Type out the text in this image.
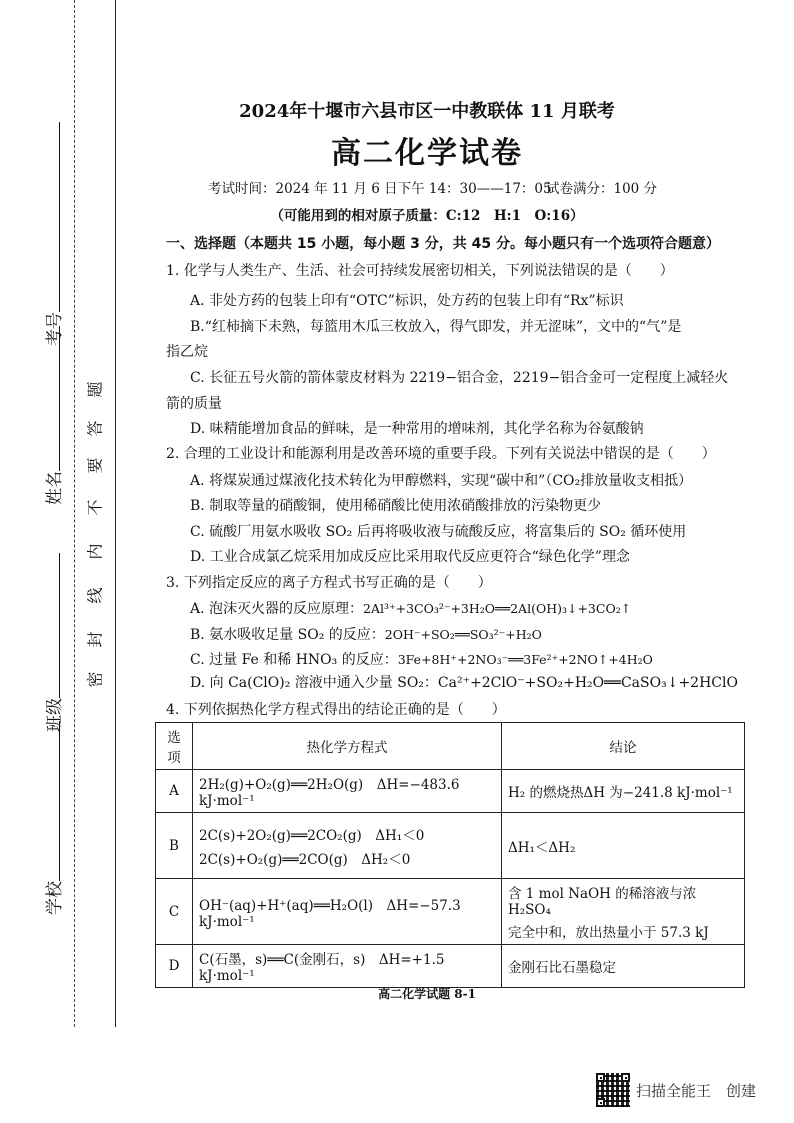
学校
班级
姓名
考号
密
封
线
内
不
要
答
题
2024年十堰市六县市区一中教联体 11 月联考
高二化学试卷
考试时间：2024 年 11 月 6 日下午 14：30——17：05
试卷满分：100 分
（可能用到的相对原子质量：C:12　H:1　O:16）
一、选择题（本题共 15 小题，每小题 3 分，共 45 分。每小题只有一个选项符合题意）
1. 化学与人类生产、生活、社会可持续发展密切相关，下列说法错误的是（　　）
A. 非处方药的包装上印有“OTC”标识，处方药的包装上印有“Rx”标识
B.“红柿摘下未熟，每篮用木瓜三枚放入，得气即发，并无涩味”，文中的“气”是
指乙烷
C. 长征五号火箭的箭体蒙皮材料为 2219−铝合金，2219−铝合金可一定程度上减轻火
箭的质量
D. 味精能增加食品的鲜味，是一种常用的增味剂，其化学名称为谷氨酸钠
2. 合理的工业设计和能源利用是改善环境的重要手段。下列有关说法中错误的是（　　）
A. 将煤炭通过煤液化技术转化为甲醇燃料，实现“碳中和”（CO₂排放量收支相抵）
B. 制取等量的硝酸铜，使用稀硝酸比使用浓硝酸排放的污染物更少
C. 硫酸厂用氨水吸收 SO₂ 后再将吸收液与硫酸反应，将富集后的 SO₂ 循环使用
D. 工业合成氯乙烷采用加成反应比采用取代反应更符合“绿色化学”理念
3. 下列指定反应的离子方程式书写正确的是（　　）
A. 泡沫灭火器的反应原理：2Al³⁺+3CO₃²⁻+3H₂O══2Al(OH)₃↓+3CO₂↑
B. 氨水吸收足量 SO₂ 的反应：2OH⁻+SO₂══SO₃²⁻+H₂O
C. 过量 Fe 和稀 HNO₃ 的反应：3Fe+8H⁺+2NO₃⁻══3Fe²⁺+2NO↑+4H₂O
D. 向 Ca(ClO)₂ 溶液中通入少量 SO₂：Ca²⁺+2ClO⁻+SO₂+H₂O══CaSO₃↓+2HClO
4. 下列依据热化学方程式得出的结论正确的是（　　）
选项	热化学方程式	结论
A	2H₂(g)+O₂(g)══2H₂O(g)　ΔH=−483.6 kJ·mol⁻¹	H₂ 的燃烧热ΔH 为−241.8 kJ·mol⁻¹

B	2C(s)+2O₂(g)══2CO₂(g)　ΔH₁＜0
2C(s)+O₂(g)══2CO(g)　ΔH₂＜0	ΔH₁＜ΔH₂

C	OH⁻(aq)+H⁺(aq)══H₂O(l)　ΔH=−57.3 kJ·mol⁻¹	含 1 mol NaOH 的稀溶液与浓 H₂SO₄
完全中和，放出热量小于 57.3 kJ

D	C(石墨，s)══C(金刚石，s)　ΔH=+1.5 kJ·mol⁻¹	金刚石比石墨稳定
高二化学试题 8-1
扫描全能王　创建
